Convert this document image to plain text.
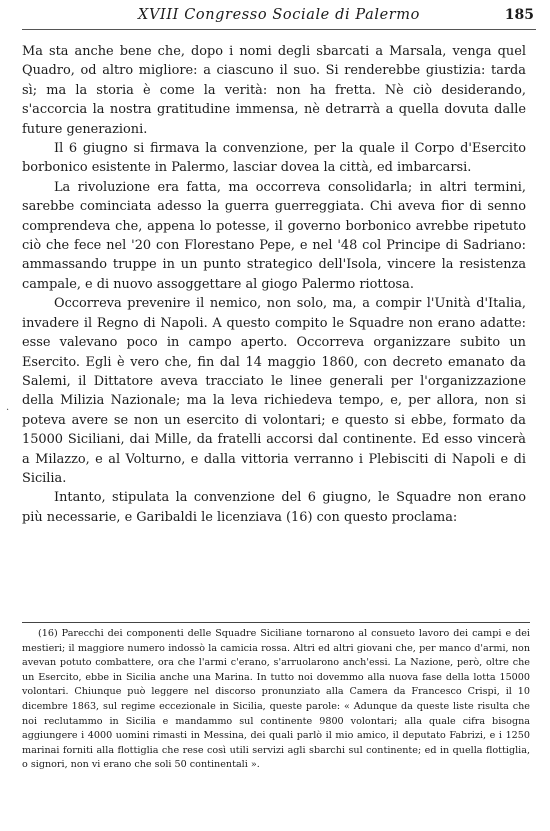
XVIII Congresso Sociale di Palermo	185
·

Ma sta anche bene che, dopo i nomi degli sbarcati a Marsala, venga quel Quadro, od altro migliore: a ciascuno il suo. Si renderebbe giustizia: tarda sì; ma la storia è come la verità: non ha fretta. Nè ciò desiderando, s'accorcia la nostra gratitudine immensa, nè detrarrà a quella dovuta dalle future generazioni.

Il 6 giugno si firmava la convenzione, per la quale il Corpo d'Esercito borbonico esistente in Palermo, lasciar dovea la città, ed imbarcarsi.

La rivoluzione era fatta, ma occorreva consolidarla; in altri termini, sarebbe cominciata adesso la guerra guerreggiata. Chi aveva fior di senno comprendeva che, appena lo potesse, il governo borbonico avrebbe ripetuto ciò che fece nel '20 con Florestano Pepe, e nel '48 col Principe di Sadriano: ammassando truppe in un punto strategico dell'Isola, vincere la resistenza campale, e di nuovo assoggettare al giogo Palermo riottosa.

Occorreva prevenire il nemico, non solo, ma, a compir l'Unità d'Italia, invadere il Regno di Napoli. A questo compito le Squadre non erano adatte: esse valevano poco in campo aperto. Occorreva organizzare subito un Esercito. Egli è vero che, fin dal 14 maggio 1860, con decreto emanato da Salemi, il Dittatore aveva tracciato le linee generali per l'organizzazione della Milizia Nazionale; ma la leva richiedeva tempo, e, per allora, non si poteva avere se non un esercito di volontari; e questo si ebbe, formato da 15000 Siciliani, dai Mille, da fratelli accorsi dal continente. Ed esso vincerà a Milazzo, e al Volturno, e dalla vittoria verranno i Plebisciti di Napoli e di Sicilia.

Intanto, stipulata la convenzione del 6 giugno, le Squadre non erano più necessarie, e Garibaldi le licenziava (16) con questo proclama:

(16) Parecchi dei componenti delle Squadre Siciliane tornarono al consueto lavoro dei campi e dei mestieri; il maggiore numero indossò la camicia rossa. Altri ed altri giovani che, per manco d'armi, non avevan potuto combattere, ora che l'armi c'erano, s'arruolarono anch'essi. La Nazione, però, oltre che un Esercito, ebbe in Sicilia anche una Marina. In tutto noi dovemmo alla nuova fase della lotta 15000 volontari. Chiunque può leggere nel discorso pronunziato alla Camera da Francesco Crispi, il 10 dicembre 1863, sul regime eccezionale in Sicilia, queste parole: « Adunque da queste liste risulta che noi reclutammo in Sicilia e mandammo sul continente 9800 volontari; alla quale cifra bisogna aggiungere i 4000 uomini rimasti in Messina, dei quali parlò il mio amico, il deputato Fabrizi, e i 1250 marinai forniti alla flottiglia che rese così utili servizi agli sbarchi sul continente; ed in quella flottiglia, o signori, non vi erano che soli 50 continentali ».
